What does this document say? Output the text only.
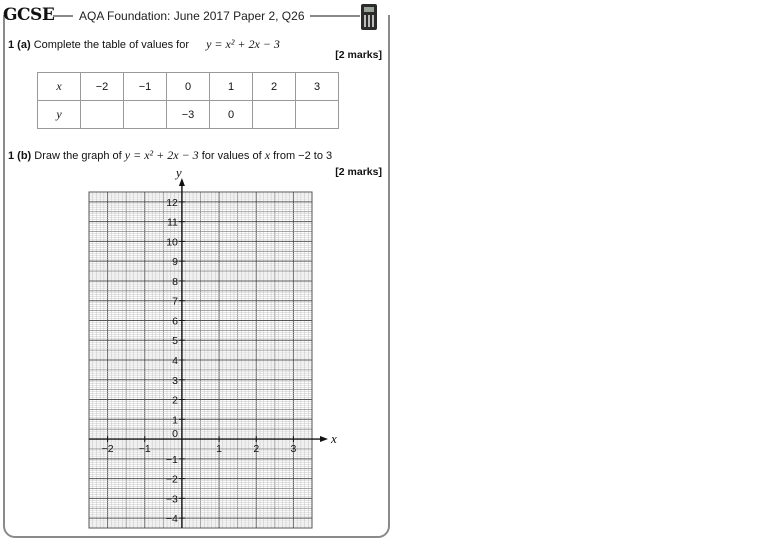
GCSE AQA Foundation: June 2017 Paper 2, Q26
1 (a) Complete the table of values for y = x² + 2x − 3
[2 marks]
x	−2	−1	0	1	2	3
y			−3	0		
1 (b) Draw the graph of y = x² + 2x − 3 for values of x from −2 to 3
[2 marks]
x
y
−2 −1	1	2	3
−4
−3
−2
−1
1
2
3
4
5
6
7
8
9
10
11
12
0
